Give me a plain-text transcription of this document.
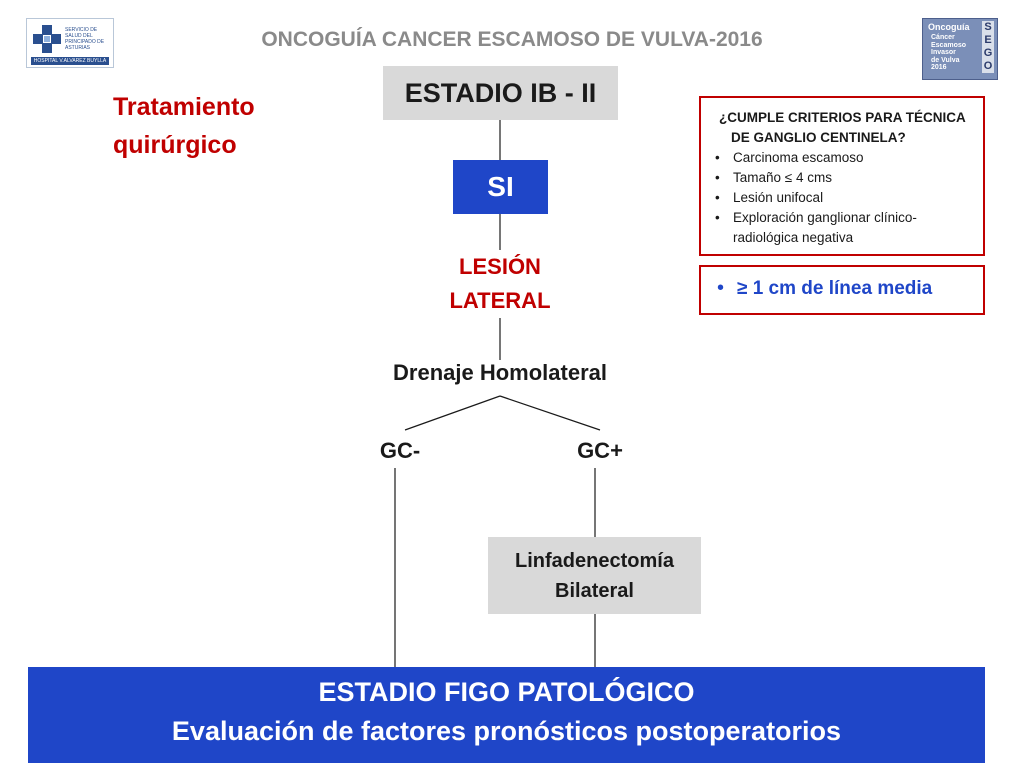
SERVICIO DE SALUD DEL PRINCIPADO DE ASTURIAS
HOSPITAL V.ALVAREZ BUYLLA
Oncoguía
Cáncer
Escamoso
Invasor
de Vulva
2016
S
E
G
O
ONCOGUÍA CANCER ESCAMOSO DE VULVA-2016
Tratamiento
quirúrgico
ESTADIO IB - II
SI
LESIÓN
LATERAL
Drenaje Homolateral
GC-	GC+
Linfadenectomía
Bilateral
ESTADIO FIGO PATOLÓGICO
Evaluación de factores pronósticos postoperatorios
¿CUMPLE CRITERIOS PARA TÉCNICA
DE GANGLIO CENTINELA?
• Carcinoma escamoso
• Tamaño ≤ 4 cms
• Lesión unifocal
• Exploración ganglionar clínico-
radiológica negativa
• ≥ 1 cm de línea media
